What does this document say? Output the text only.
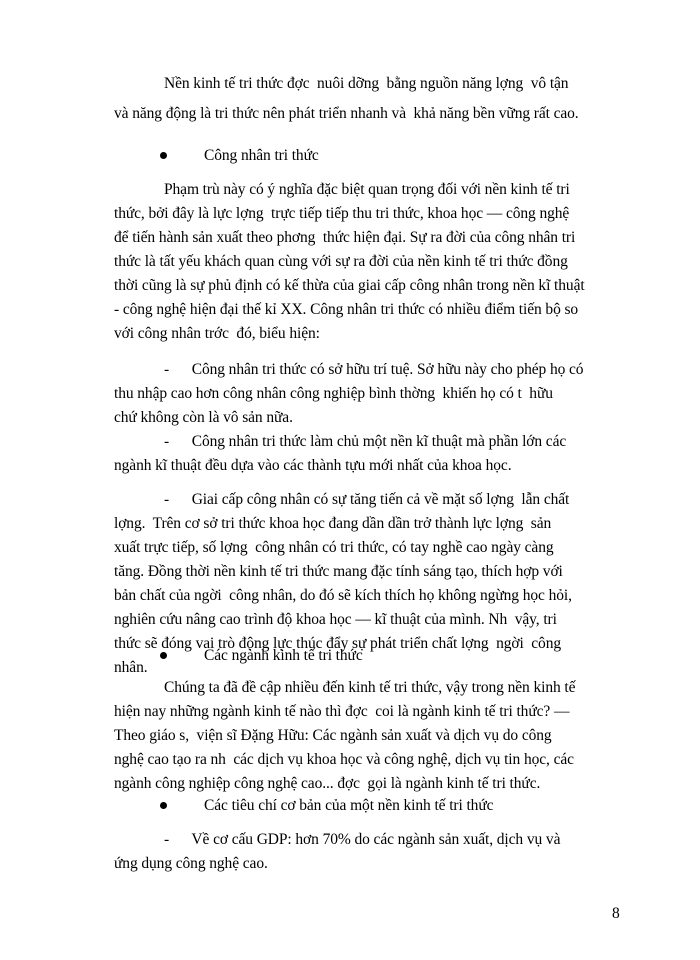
Nền kinh tế tri thức đợc  nuôi dỡng  bằng nguồn năng lợng  vô tận
và năng động là tri thức nên phát triển nhanh và  khả năng bền vững rất cao.
Công nhân tri thức
Phạm trù này có ý nghĩa đặc biệt quan trọng đối với nền kinh tế tri
thức, bởi đây là lực lợng  trực tiếp tiếp thu tri thức, khoa học — công nghệ
để tiến hành sản xuất theo phơng  thức hiện đại. Sự ra đời của công nhân tri
thức là tất yếu khách quan cùng với sự ra đời của nền kinh tế tri thức đồng
thời cũng là sự phủ định có kế thừa của giai cấp công nhân trong nền kĩ thuật
- công nghệ hiện đại thế kỉ XX. Công nhân tri thức có nhiều điểm tiến bộ so
với công nhân trớc  đó, biểu hiện:
-      Công nhân tri thức có sở hữu trí tuệ. Sở hữu này cho phép họ có
thu nhập cao hơn công nhân công nghiệp bình thờng  khiến họ có t  hữu
chứ không còn là vô sản nữa.
-      Công nhân tri thức làm chủ một nền kĩ thuật mà phần lớn các
ngành kĩ thuật đều dựa vào các thành tựu mới nhất của khoa học.
-      Giai cấp công nhân có sự tăng tiến cả về mặt số lợng  lẫn chất
lợng.  Trên cơ sở tri thức khoa học đang dần dần trở thành lực lợng  sản
xuất trực tiếp, số lợng  công nhân có tri thức, có tay nghề cao ngày càng
tăng. Đồng thời nền kinh tế tri thức mang đặc tính sáng tạo, thích hợp với
bản chất của ngời  công nhân, do đó sẽ kích thích họ không ngừng học hỏi,
nghiên cứu nâng cao trình độ khoa học — kĩ thuật của mình. Nh  vậy, tri
thức sẽ đóng vai trò động lực thúc đẩy sự phát triển chất lợng  ngời  công
nhân.
Các ngành kinh tế tri thức
Chúng ta đã đề cập nhiều đến kinh tế tri thức, vậy trong nền kinh tế
hiện nay những ngành kinh tế nào thì đợc  coi là ngành kinh tế tri thức? —
Theo giáo s,  viện sĩ Đặng Hữu: Các ngành sản xuất và dịch vụ do công
nghệ cao tạo ra nh  các dịch vụ khoa học và công nghệ, dịch vụ tin học, các
ngành công nghiệp công nghệ cao... đợc  gọi là ngành kinh tế tri thức.
Các tiêu chí cơ bản của một nền kinh tế tri thức
-      Về cơ cấu GDP: hơn 70% do các ngành sản xuất, dịch vụ và
ứng dụng công nghệ cao.
8
